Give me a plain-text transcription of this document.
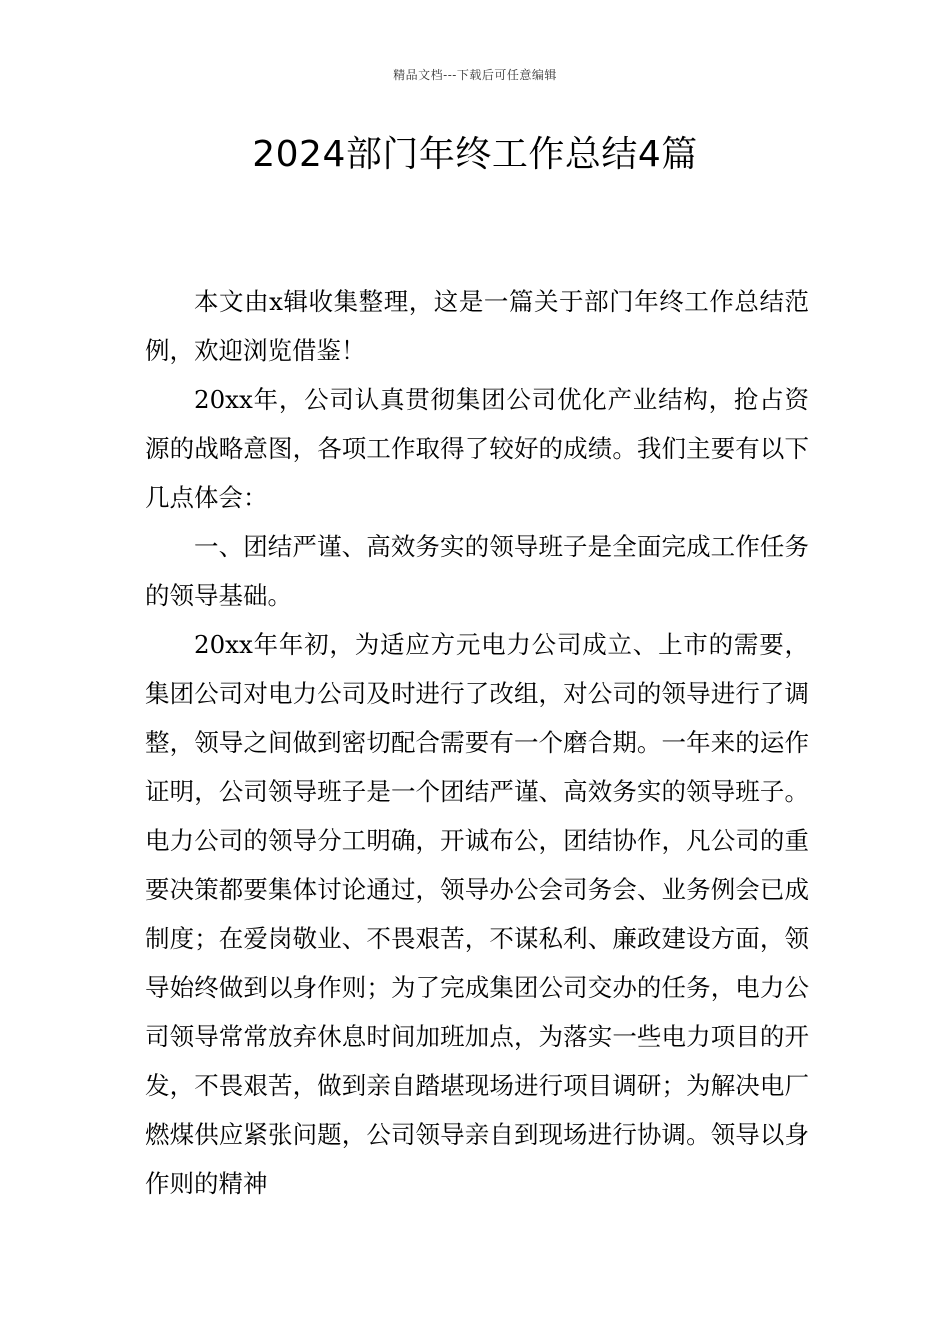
精品文档---下载后可任意编辑
2024部门年终工作总结4篇

本文由x辑收集整理，这是一篇关于部门年终工作总结范例，欢迎浏览借鉴！

20xx年，公司认真贯彻集团公司优化产业结构，抢占资源的战略意图，各项工作取得了较好的成绩。我们主要有以下几点体会：

一、团结严谨、高效务实的领导班子是全面完成工作任务的领导基础。

20xx年年初，为适应方元电力公司成立、上市的需要，集团公司对电力公司及时进行了改组，对公司的领导进行了调整，领导之间做到密切配合需要有一个磨合期。一年来的运作证明，公司领导班子是一个团结严谨、高效务实的领导班子。电力公司的领导分工明确，开诚布公，团结协作，凡公司的重要决策都要集体讨论通过，领导办公会司务会、业务例会已成制度；在爱岗敬业、不畏艰苦，不谋私利、廉政建设方面，领导始终做到以身作则；为了完成集团公司交办的任务，电力公司领导常常放弃休息时间加班加点，为落实一些电力项目的开发，不畏艰苦，做到亲自踏堪现场进行项目调研；为解决电厂燃煤供应紧张问题，公司领导亲自到现场进行协调。领导以身作则的精神
